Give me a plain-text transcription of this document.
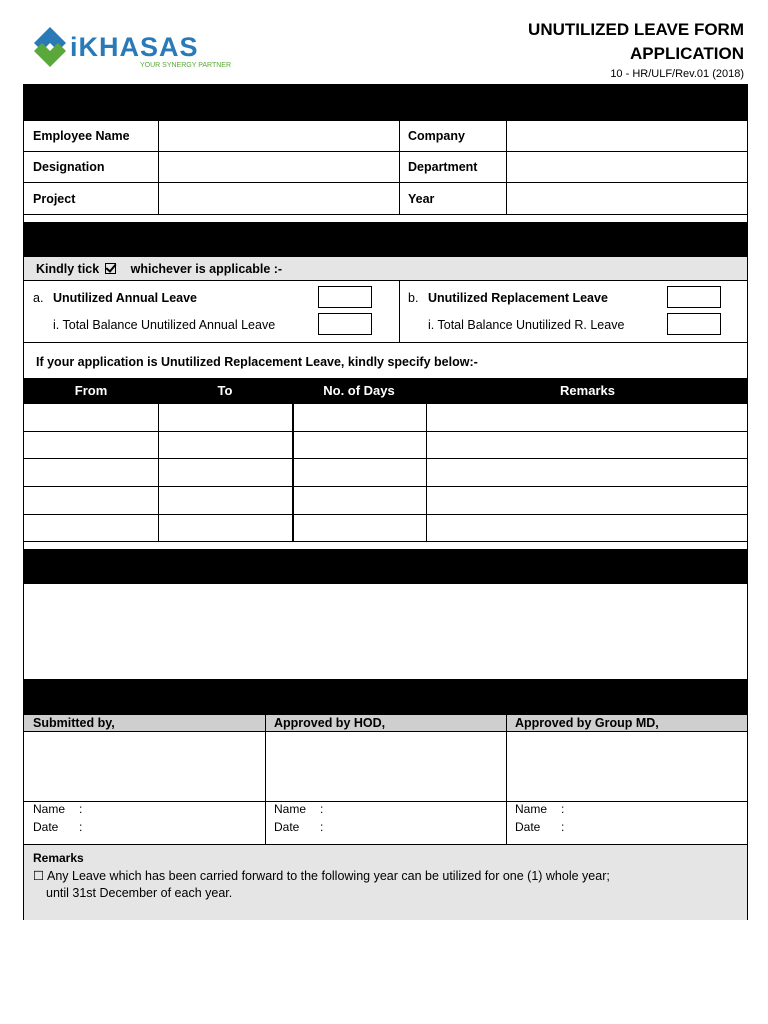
iKHASAS
YOUR SYNERGY PARTNER
UNUTILIZED LEAVE FORM
APPLICATION
10 - HR/ULF/Rev.01 (2018)
Employee Name	Company
Designation	Department
Project	Year
Kindly tick	whichever is applicable :-
a. Unutilized Annual Leave
i. Total Balance Unutilized Annual Leave
b. Unutilized Replacement Leave
i. Total Balance Unutilized R. Leave
If your application is Unutilized Replacement Leave, kindly specify below:-
From	To	No. of Days	Remarks
Submitted by,	Approved by HOD,	Approved by Group MD,
Name :
Date :
Name :
Date :
Name :
Date :
Remarks
☐ Any Leave which has been carried forward to the following year can be utilized for one (1) whole year;
until 31st December of each year.
